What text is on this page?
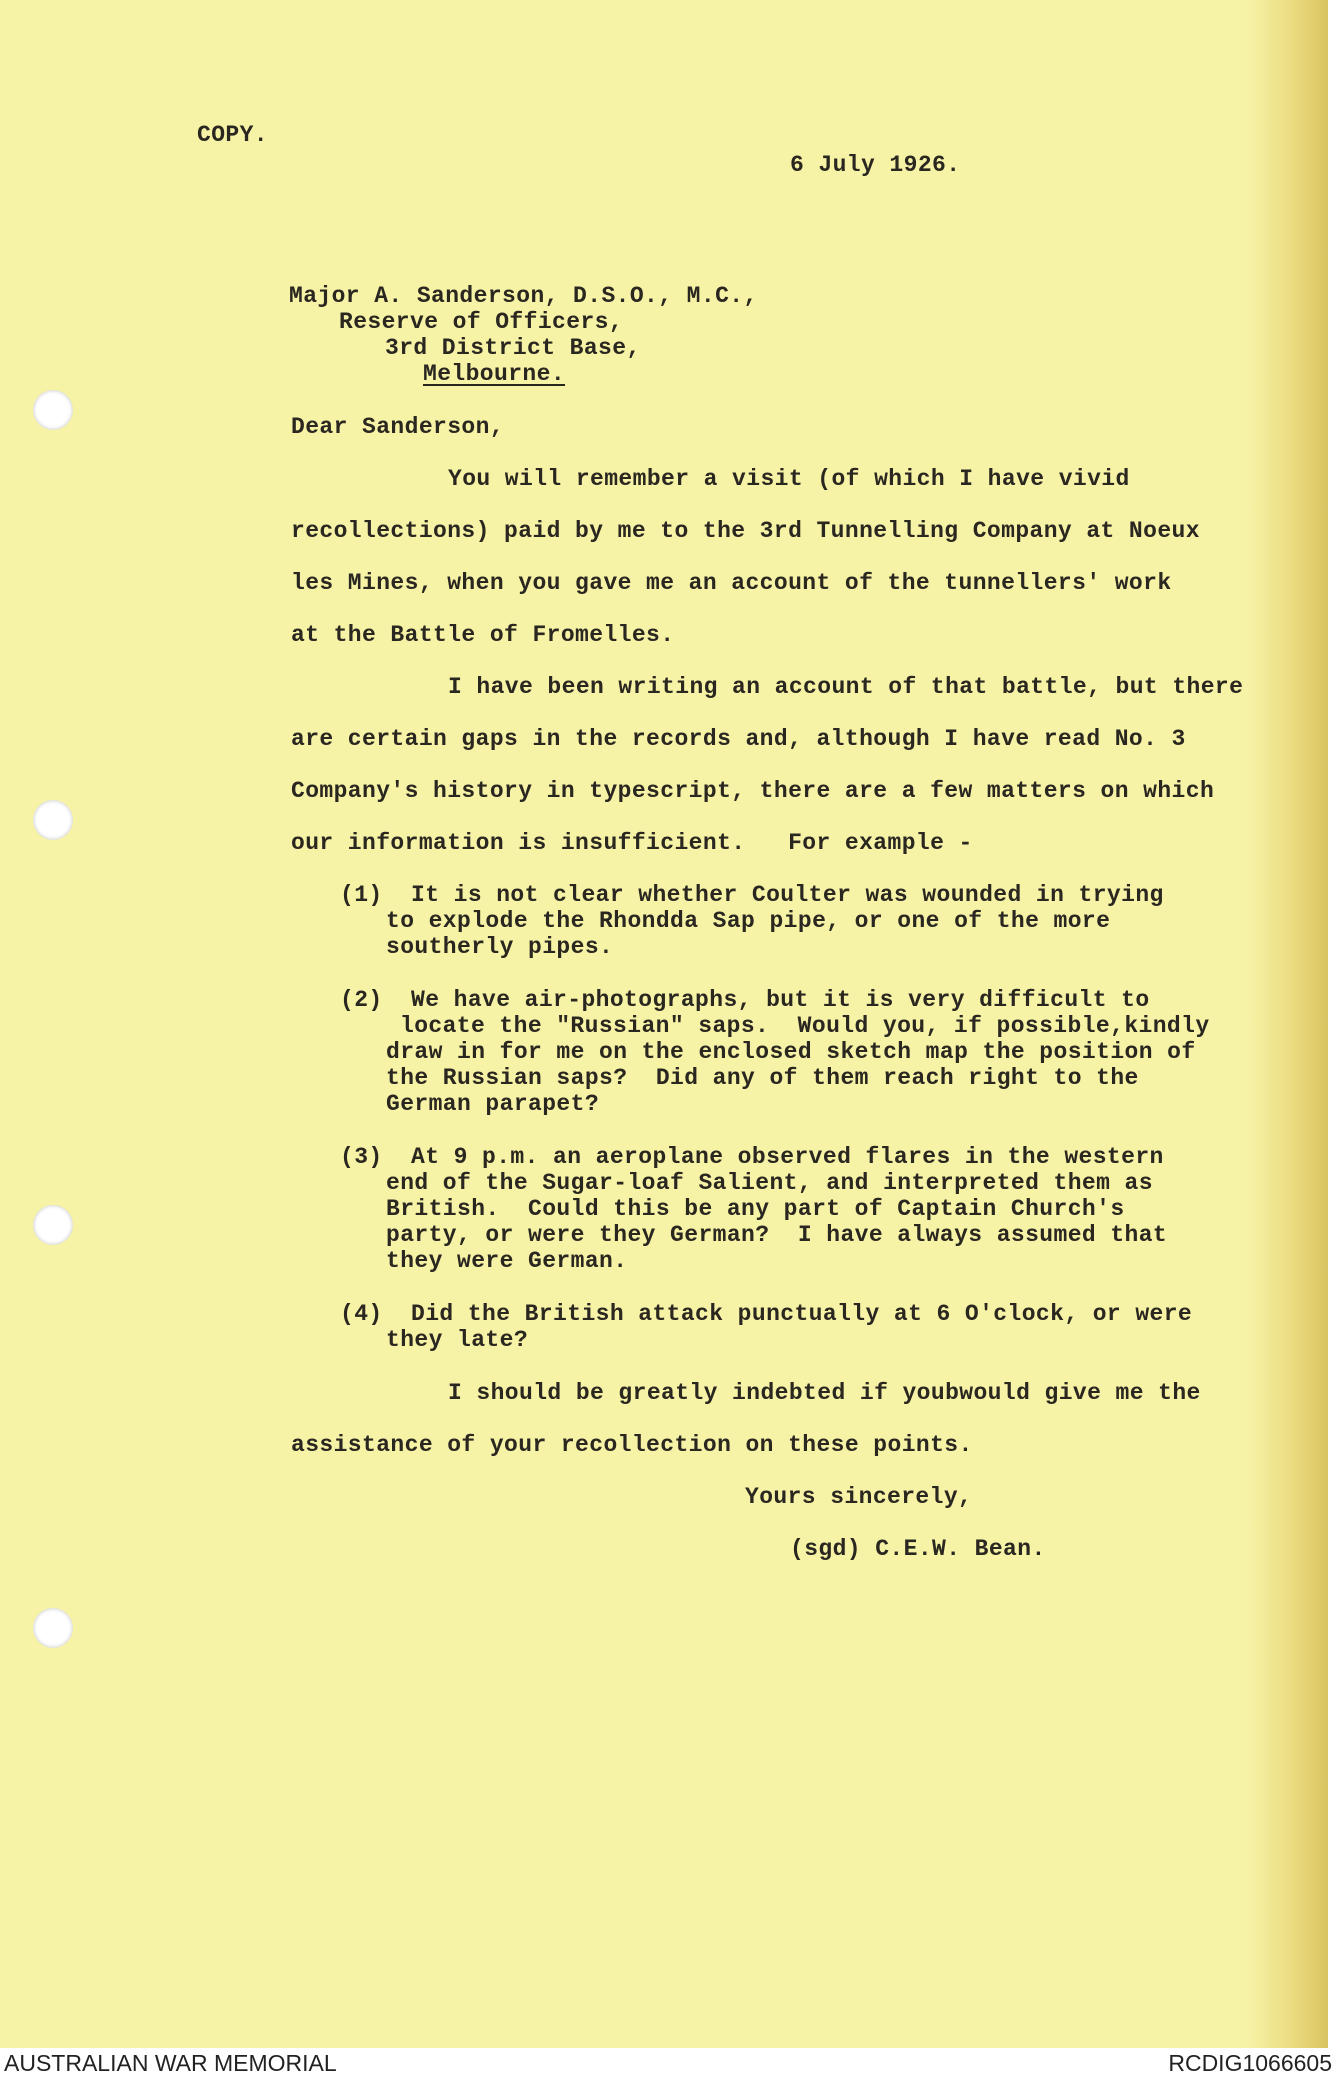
COPY.
6 July 1926.
Major A. Sanderson, D.S.O., M.C.,
Reserve of Officers,
3rd District Base,
Melbourne.
Dear Sanderson,
You will remember a visit (of which I have vivid
recollections) paid by me to the 3rd Tunnelling Company at Noeux
les Mines, when you gave me an account of the tunnellers' work
at the Battle of Fromelles.
I have been writing an account of that battle, but there
are certain gaps in the records and, although I have read No. 3
Company's history in typescript, there are a few matters on which
our information is insufficient.   For example -
(1)  It is not clear whether Coulter was wounded in trying
to explode the Rhondda Sap pipe, or one of the more
southerly pipes.
(2)  We have air-photographs, but it is very difficult to
locate the "Russian" saps.  Would you, if possible,kindly
draw in for me on the enclosed sketch map the position of
the Russian saps?  Did any of them reach right to the
German parapet?
(3)  At 9 p.m. an aeroplane observed flares in the western
end of the Sugar-loaf Salient, and interpreted them as
British.  Could this be any part of Captain Church's
party, or were they German?  I have always assumed that
they were German.
(4)  Did the British attack punctually at 6 O'clock, or were
they late?
I should be greatly indebted if youbwould give me the
assistance of your recollection on these points.
Yours sincerely,
(sgd) C.E.W. Bean.
AUSTRALIAN WAR MEMORIAL	RCDIG1066605
